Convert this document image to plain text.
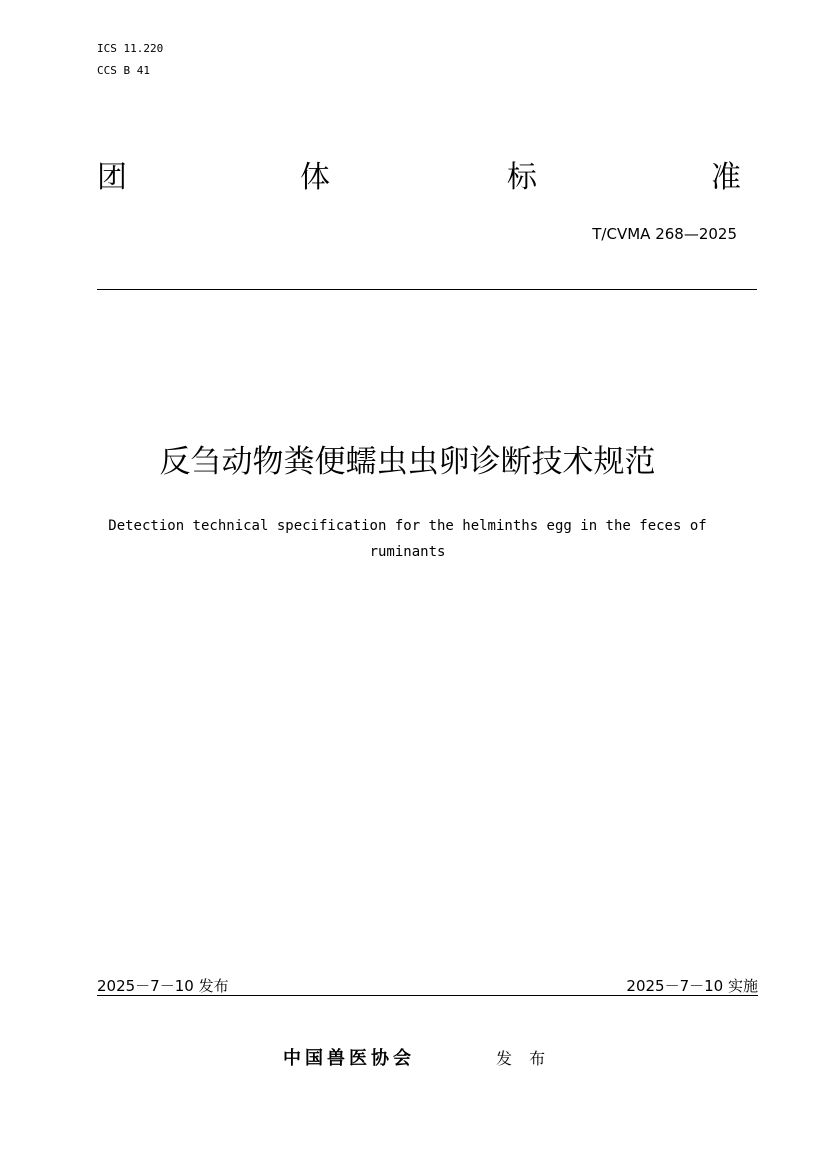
ICS 11.220
CCS B 41
团	体	标	准
T/CVMA 268—2025
反刍动物粪便蠕虫虫卵诊断技术规范
Detection technical specification for the helminths egg in the feces of ruminants
2025－7－10 发布	2025－7－10 实施
中国兽医协会	发 布
